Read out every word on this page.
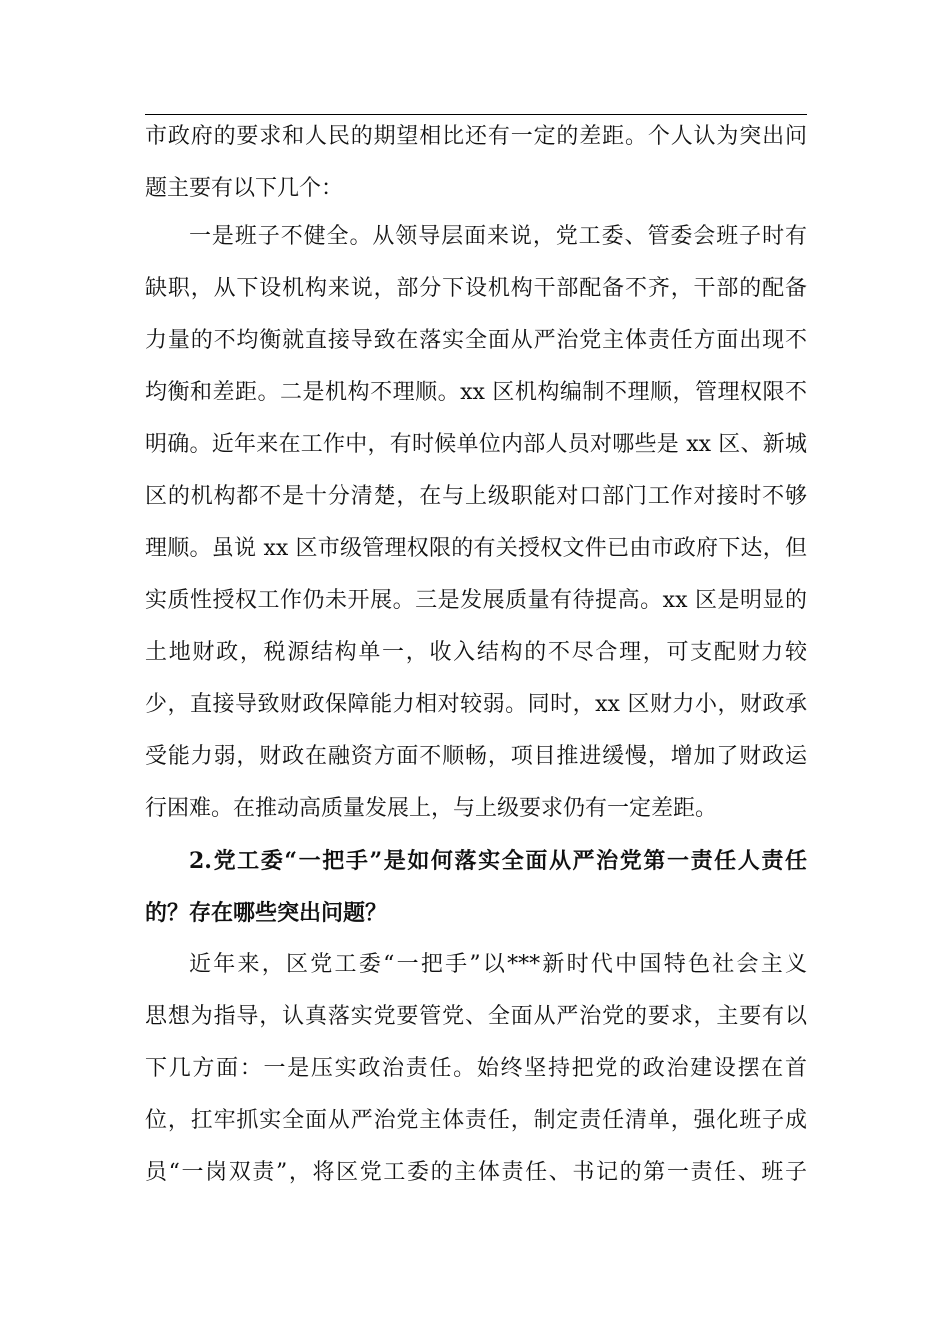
市政府的要求和人民的期望相比还有一定的差距。个人认为突出问
题主要有以下几个：
一是班子不健全。从领导层面来说，党工委、管委会班子时有
缺职，从下设机构来说，部分下设机构干部配备不齐，干部的配备
力量的不均衡就直接导致在落实全面从严治党主体责任方面出现不
均衡和差距。二是机构不理顺。xx 区机构编制不理顺，管理权限不
明确。近年来在工作中，有时候单位内部人员对哪些是 xx 区、新城
区的机构都不是十分清楚，在与上级职能对口部门工作对接时不够
理顺。虽说 xx 区市级管理权限的有关授权文件已由市政府下达，但
实质性授权工作仍未开展。三是发展质量有待提高。xx 区是明显的
土地财政，税源结构单一，收入结构的不尽合理，可支配财力较
少，直接导致财政保障能力相对较弱。同时，xx 区财力小，财政承
受能力弱，财政在融资方面不顺畅，项目推进缓慢，增加了财政运
行困难。在推动高质量发展上，与上级要求仍有一定差距。
2.党工委“一把手”是如何落实全面从严治党第一责任人责任
的？存在哪些突出问题？
近年来，区党工委“一把手”以***新时代中国特色社会主义
思想为指导，认真落实党要管党、全面从严治党的要求，主要有以
下几方面：一是压实政治责任。始终坚持把党的政治建设摆在首
位，扛牢抓实全面从严治党主体责任，制定责任清单，强化班子成
员“一岗双责”，将区党工委的主体责任、书记的第一责任、班子
